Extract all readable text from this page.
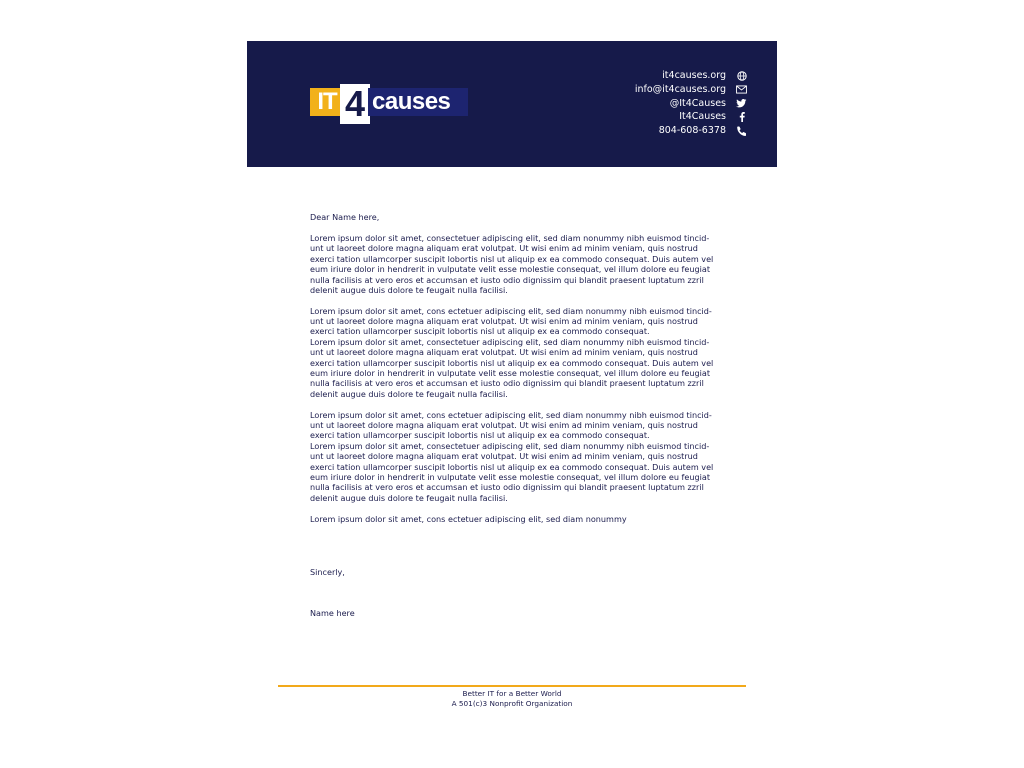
IT 4 causes
it4causes.org
info@it4causes.org
@It4Causes
It4Causes
804-608-6378

Dear Name here,

Lorem ipsum dolor sit amet, consectetuer adipiscing elit, sed diam nonummy nibh euismod tincid-
unt ut laoreet dolore magna aliquam erat volutpat. Ut wisi enim ad minim veniam, quis nostrud
exerci tation ullamcorper suscipit lobortis nisl ut aliquip ex ea commodo consequat. Duis autem vel
eum iriure dolor in hendrerit in vulputate velit esse molestie consequat, vel illum dolore eu feugiat
nulla facilisis at vero eros et accumsan et iusto odio dignissim qui blandit praesent luptatum zzril
delenit augue duis dolore te feugait nulla facilisi.

Lorem ipsum dolor sit amet, cons ectetuer adipiscing elit, sed diam nonummy nibh euismod tincid-
unt ut laoreet dolore magna aliquam erat volutpat. Ut wisi enim ad minim veniam, quis nostrud
exerci tation ullamcorper suscipit lobortis nisl ut aliquip ex ea commodo consequat.
Lorem ipsum dolor sit amet, consectetuer adipiscing elit, sed diam nonummy nibh euismod tincid-
unt ut laoreet dolore magna aliquam erat volutpat. Ut wisi enim ad minim veniam, quis nostrud
exerci tation ullamcorper suscipit lobortis nisl ut aliquip ex ea commodo consequat. Duis autem vel
eum iriure dolor in hendrerit in vulputate velit esse molestie consequat, vel illum dolore eu feugiat
nulla facilisis at vero eros et accumsan et iusto odio dignissim qui blandit praesent luptatum zzril
delenit augue duis dolore te feugait nulla facilisi.

Lorem ipsum dolor sit amet, cons ectetuer adipiscing elit, sed diam nonummy nibh euismod tincid-
unt ut laoreet dolore magna aliquam erat volutpat. Ut wisi enim ad minim veniam, quis nostrud
exerci tation ullamcorper suscipit lobortis nisl ut aliquip ex ea commodo consequat.
Lorem ipsum dolor sit amet, consectetuer adipiscing elit, sed diam nonummy nibh euismod tincid-
unt ut laoreet dolore magna aliquam erat volutpat. Ut wisi enim ad minim veniam, quis nostrud
exerci tation ullamcorper suscipit lobortis nisl ut aliquip ex ea commodo consequat. Duis autem vel
eum iriure dolor in hendrerit in vulputate velit esse molestie consequat, vel illum dolore eu feugiat
nulla facilisis at vero eros et accumsan et iusto odio dignissim qui blandit praesent luptatum zzril
delenit augue duis dolore te feugait nulla facilisi.

Lorem ipsum dolor sit amet, cons ectetuer adipiscing elit, sed diam nonummy

Sincerly,
Name here
Better IT for a Better World
A 501(c)3 Nonprofit Organization
